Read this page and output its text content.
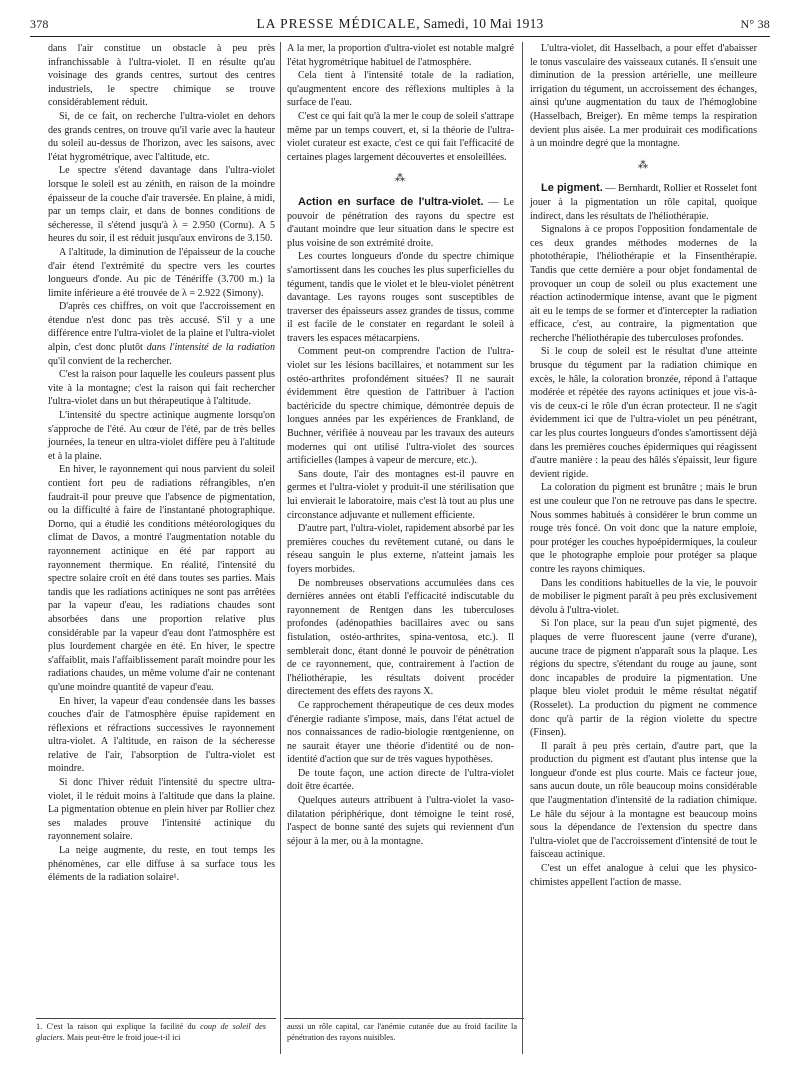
378	LA PRESSE MÉDICALE, Samedi, 10 Mai 1913	N° 38

dans l'air constitue un obstacle à peu près infranchissable à l'ultra-violet. Il en résulte qu'au voisinage des grands centres, surtout des centres industriels, le spectre chimique se trouve considérablement réduit.

Si, de ce fait, on recherche l'ultra-violet en dehors des grands centres, on trouve qu'il varie avec la hauteur du soleil au-dessus de l'horizon, avec les saisons, avec l'état hygrométrique, avec l'altitude, etc.

Le spectre s'étend davantage dans l'ultra-violet lorsque le soleil est au zénith, en raison de la moindre épaisseur de la couche d'air traversée. En plaine, à midi, par un temps clair, et dans de bonnes conditions de sécheresse, il s'étend jusqu'à λ = 2.950 (Cornu). A 5 heures du soir, il est réduit jusqu'aux environs de 3.150.

A l'altitude, la diminution de l'épaisseur de la couche d'air étend l'extrémité du spectre vers les courtes longueurs d'onde. Au pic de Ténériffe (3.700 m.) la limite inférieure a été trouvée de λ = 2.922 (Simony).

D'après ces chiffres, on voit que l'accroissement en étendue n'est donc pas très accusé. S'il y a une différence entre l'ultra-violet de la plaine et l'ultra-violet alpin, c'est donc plutôt dans l'intensité de la radiation qu'il convient de la rechercher.

C'est la raison pour laquelle les couleurs passent plus vite à la montagne; c'est la raison qui fait rechercher l'ultra-violet dans un but thérapeutique à l'altitude.

L'intensité du spectre actinique augmente lorsqu'on s'approche de l'été. Au cœur de l'été, par de très belles journées, la teneur en ultra-violet diffère peu à l'altitude et à la plaine.

En hiver, le rayonnement qui nous parvient du soleil contient fort peu de radiations réfrangibles, n'en faudrait-il pour preuve que l'absence de pigmentation, ou la difficulté à faire de l'instantané photographique. Dorno, qui a étudié les conditions météorologiques du climat de Davos, a montré l'augmentation notable du rayonnement actinique en été par rapport au rayonnement thermique. En réalité, l'intensité du spectre solaire croît en été dans toutes ses parties. Mais tandis que les radiations actiniques ne sont pas arrêtées par la vapeur d'eau, les radiations chaudes sont absorbées dans une proportion relative plus considérable par la vapeur d'eau dont l'atmosphère est plus lourdement chargée en été. En hiver, le spectre s'affaiblit, mais l'affaiblissement paraît moindre pour les radiations chaudes, un même volume d'air ne contenant qu'une moindre quantité de vapeur d'eau.

En hiver, la vapeur d'eau condensée dans les basses couches d'air de l'atmosphère épuise rapidement en réflexions et réfractions successives le rayonnement ultra-violet. A l'altitude, en raison de la sécheresse relative de l'air, l'absorption de l'ultra-violet est moindre.

Si donc l'hiver réduit l'intensité du spectre ultra-violet, il le réduit moins à l'altitude que dans la plaine. La pigmentation obtenue en plein hiver par Rollier chez ses malades prouve l'intensité actinique du rayonnement solaire.

La neige augmente, du reste, en tout temps les phénomènes, car elle diffuse à sa surface tous les éléments de la radiation solaire¹.

A la mer, la proportion d'ultra-violet est notable malgré l'état hygrométrique habituel de l'atmosphère.

Cela tient à l'intensité totale de la radiation, qu'augmentent encore des réflexions multiples à la surface de l'eau.

C'est ce qui fait qu'à la mer le coup de soleil s'attrape même par un temps couvert, et, si la théorie de l'ultra-violet curateur est exacte, c'est ce qui fait l'efficacité de certaines plages largement découvertes et ensoleillées.

⁂

Action en surface de l'ultra-violet. — Le pouvoir de pénétration des rayons du spectre est d'autant moindre que leur situation dans le spectre est plus voisine de son extrémité droite.

Les courtes longueurs d'onde du spectre chimique s'amortissent dans les couches les plus superficielles du tégument, tandis que le violet et le bleu-violet pénètrent davantage. Les rayons rouges sont susceptibles de traverser des épaisseurs assez grandes de tissus, comme il est facile de le constater en regardant le soleil à travers les espaces métacarpiens.

Comment peut-on comprendre l'action de l'ultra-violet sur les lésions bacillaires, et notamment sur les ostéo-arthrites profondément situées? Il ne saurait évidemment être question de l'attribuer à l'action bactéricide du spectre chimique, démontrée depuis de longues années par les expériences de Frankland, de Buchner, vérifiée à nouveau par les travaux des auteurs modernes qui ont utilisé l'ultra-violet des sources artificielles (lampes à vapeur de mercure, etc.).

Sans doute, l'air des montagnes est-il pauvre en germes et l'ultra-violet y produit-il une stérilisation que lui envierait le laboratoire, mais c'est là tout au plus une circonstance adjuvante et nullement efficiente.

D'autre part, l'ultra-violet, rapidement absorbé par les premières couches du revêtement cutané, ou dans le réseau sanguin le plus externe, n'atteint jamais les foyers morbides.

De nombreuses observations accumulées dans ces dernières années ont établi l'efficacité indiscutable du rayonnement de Rentgen dans les tuberculoses profondes (adénopathies bacillaires avec ou sans fistulation, ostéo-arthrites, spina-ventosa, etc.). Il semblerait donc, étant donné le pouvoir de pénétration de ce rayonnement, que, contrairement à l'action de l'héliothérapie, les résultats doivent procéder directement des effets des rayons X.

Ce rapprochement thérapeutique de ces deux modes d'énergie radiante s'impose, mais, dans l'état actuel de nos connaissances de radio-biologie rœntgenienne, on ne saurait étayer une théorie d'identité ou de non-identité d'action que sur de très vagues hypothèses.

De toute façon, une action directe de l'ultra-violet doit être écartée.

Quelques auteurs attribuent à l'ultra-violet la vaso-dilatation périphérique, dont témoigne le teint rosé, l'aspect de bonne santé des sujets qui reviennent d'un séjour à la mer, ou à la montagne.

L'ultra-violet, dit Hasselbach, a pour effet d'abaisser le tonus vasculaire des vaisseaux cutanés. Il s'ensuit une diminution de la pression artérielle, une meilleure irrigation du tégument, un accroissement des échanges, ainsi qu'une augmentation du taux de l'hémoglobine (Hasselbach, Breiger). En même temps la respiration devient plus aisée. La mer produirait ces modifications à un moindre degré que la montagne.

⁂

Le pigment. — Bernhardt, Rollier et Rosselet font jouer à la pigmentation un rôle capital, quoique indirect, dans les résultats de l'héliothérapie.

Signalons à ce propos l'opposition fondamentale de ces deux grandes méthodes modernes de la photothérapie, l'héliothérapie et la Finsenthérapie. Tandis que cette dernière a pour objet fondamental de provoquer un coup de soleil ou plus exactement une réaction actinodermique intense, avant que le pigment ait eu le temps de se former et d'intercepter la radiation efficace, c'est, au contraire, la pigmentation que recherche l'héliothérapie des tuberculoses profondes.

Si le coup de soleil est le résultat d'une atteinte brusque du tégument par la radiation chimique en excès, le hâle, la coloration bronzée, répond à l'attaque modérée et répétée des rayons actiniques et joue vis-à-vis de ceux-ci le rôle d'un écran protecteur. Il ne s'agit évidemment ici que de l'ultra-violet un peu pénétrant, car les plus courtes longueurs d'ondes s'amortissent déjà dans les premières couches épidermiques qui réagissent d'autre manière : la peau des hâlés s'épaissit, leur figure devient rigide.

La coloration du pigment est brunâtre ; mais le brun est une couleur que l'on ne retrouve pas dans le spectre. Nous sommes habitués à considérer le brun comme un rouge très foncé. On voit donc que la nature emploie, pour protéger les couches hypoépidermiques, la couleur que le photographe emploie pour protéger sa plaque contre les rayons chimiques.

Dans les conditions habituelles de la vie, le pouvoir de mobiliser le pigment paraît à peu près exclusivement dévolu à l'ultra-violet.

Si l'on place, sur la peau d'un sujet pigmenté, des plaques de verre fluorescent jaune (verre d'urane), aucune trace de pigment n'apparaît sous la plaque. Les régions du spectre, s'étendant du rouge au jaune, sont donc incapables de produire la pigmentation. Une plaque bleu violet produit le même résultat négatif (Rosselet). La production du pigment ne commence donc qu'à partir de la région violette du spectre (Finsen).

Il paraît à peu près certain, d'autre part, que la production du pigment est d'autant plus intense que la longueur d'onde est plus courte. Mais ce facteur joue, sans aucun doute, un rôle beaucoup moins considérable que l'augmentation d'intensité de la radiation chimique. Le hâle du séjour à la montagne est beaucoup moins sous la dépendance de l'extension du spectre dans l'ultra-violet que de l'accroissement d'intensité de tout le faisceau actinique.

C'est un effet analogue à celui que les physico-chimistes appellent l'action de masse.

1. C'est la raison qui explique la facilité du coup de soleil des glaciers. Mais peut-être le froid joue-t-il ici
aussi un rôle capital, car l'anémie cutanée due au froid facilite la pénétration des rayons nuisibles.
